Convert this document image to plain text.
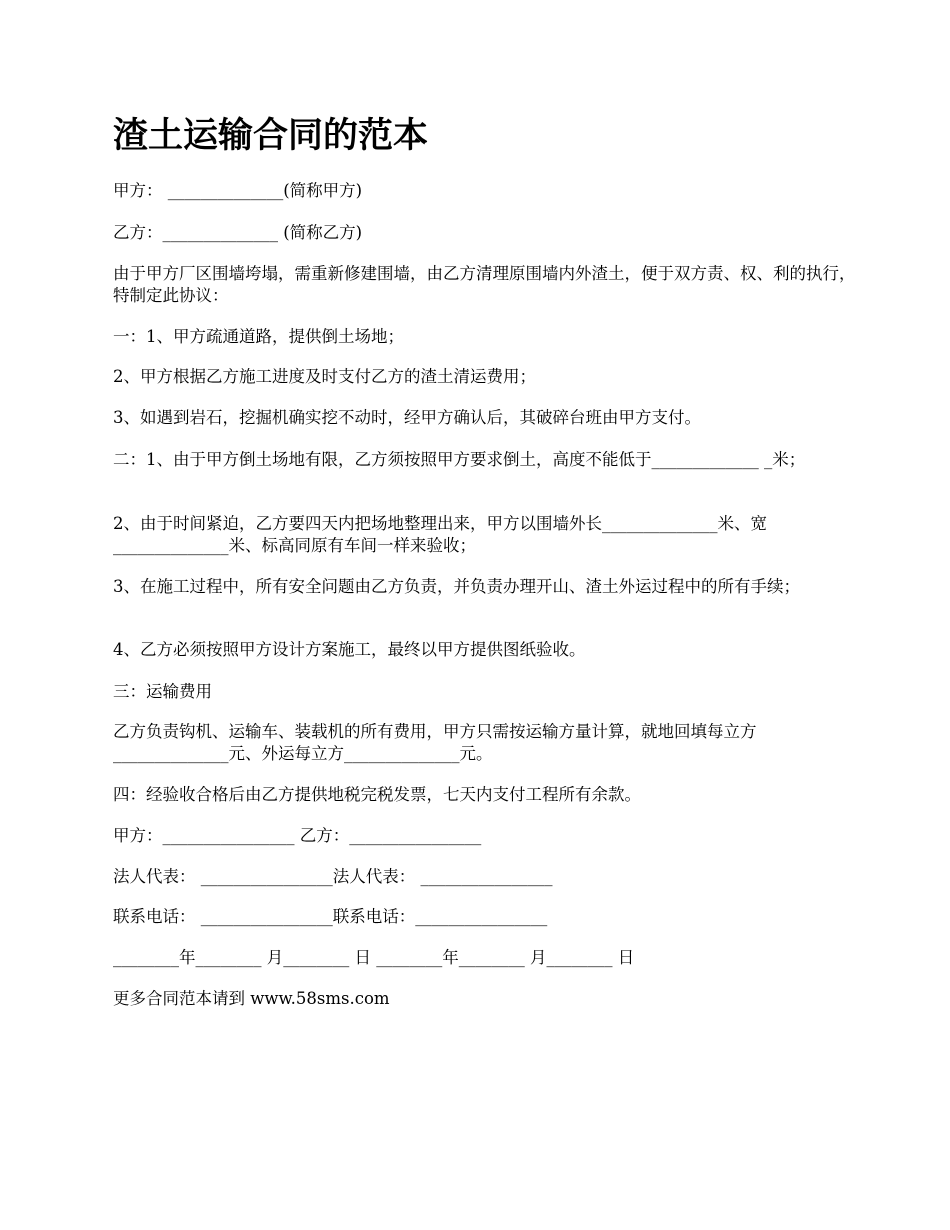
渣土运输合同的范本
甲方： ______________(简称甲方)
乙方：______________ (简称乙方)
由于甲方厂区围墙垮塌，需重新修建围墙，由乙方清理原围墙内外渣土，便于双方责、权、利的执行，特制定此协议：
一：1、甲方疏通道路，提供倒土场地；
2、甲方根据乙方施工进度及时支付乙方的渣土清运费用；
3、如遇到岩石，挖掘机确实挖不动时，经甲方确认后，其破碎台班由甲方支付。
二：1、由于甲方倒土场地有限，乙方须按照甲方要求倒土，高度不能低于_____________ _米；
2、由于时间紧迫，乙方要四天内把场地整理出来，甲方以围墙外长______________米、宽______________米、标高同原有车间一样来验收；
3、在施工过程中，所有安全问题由乙方负责，并负责办理开山、渣土外运过程中的所有手续；
4、乙方必须按照甲方设计方案施工，最终以甲方提供图纸验收。
三：运输费用
乙方负责钩机、运输车、装载机的所有费用，甲方只需按运输方量计算，就地回填每立方______________元、外运每立方______________元。
四：经验收合格后由乙方提供地税完税发票，七天内支付工程所有余款。
甲方：________________ 乙方：________________
法人代表： ________________法人代表： ________________
联系电话： ________________联系电话：________________
________年________ 月________ 日 ________年________ 月________ 日
更多合同范本请到 www.58sms.com
